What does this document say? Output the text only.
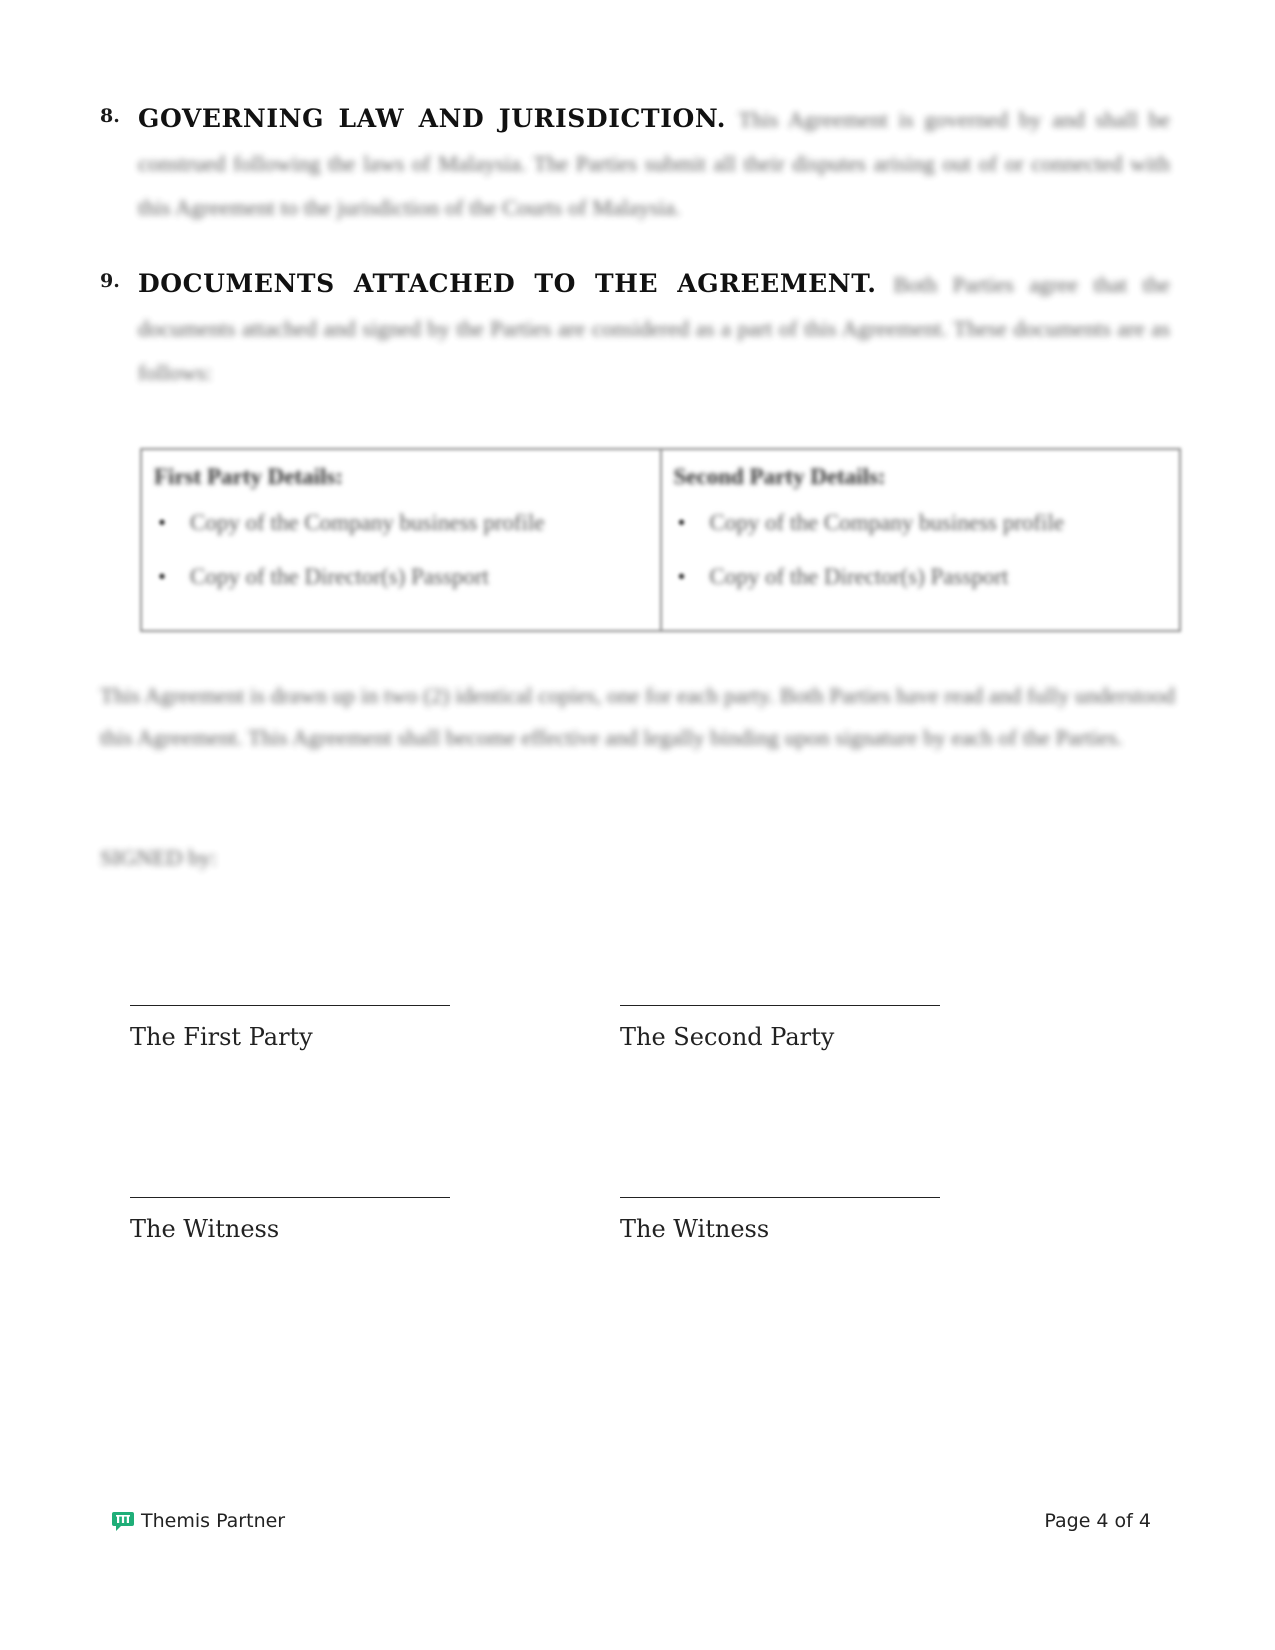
8. GOVERNING LAW AND JURISDICTION. This Agreement is governed by and shall be construed following the laws of Malaysia. The Parties submit all their disputes arising out of or connected with this Agreement to the jurisdiction of the Courts of Malaysia.
9. DOCUMENTS ATTACHED TO THE AGREEMENT. Both Parties agree that the documents attached and signed by the Parties are considered as a part of this Agreement. These documents are as follows:
First Party Details:
• Copy of the Company business profile
• Copy of the Director(s) Passport
Second Party Details:
• Copy of the Company business profile
• Copy of the Director(s) Passport
This Agreement is drawn up in two (2) identical copies, one for each party. Both Parties have read and fully understood this Agreement. This Agreement shall become effective and legally binding upon signature by each of the Parties.
SIGNED by:
The First Party	The Second Party
The Witness	The Witness
Themis Partner	Page 4 of 4
